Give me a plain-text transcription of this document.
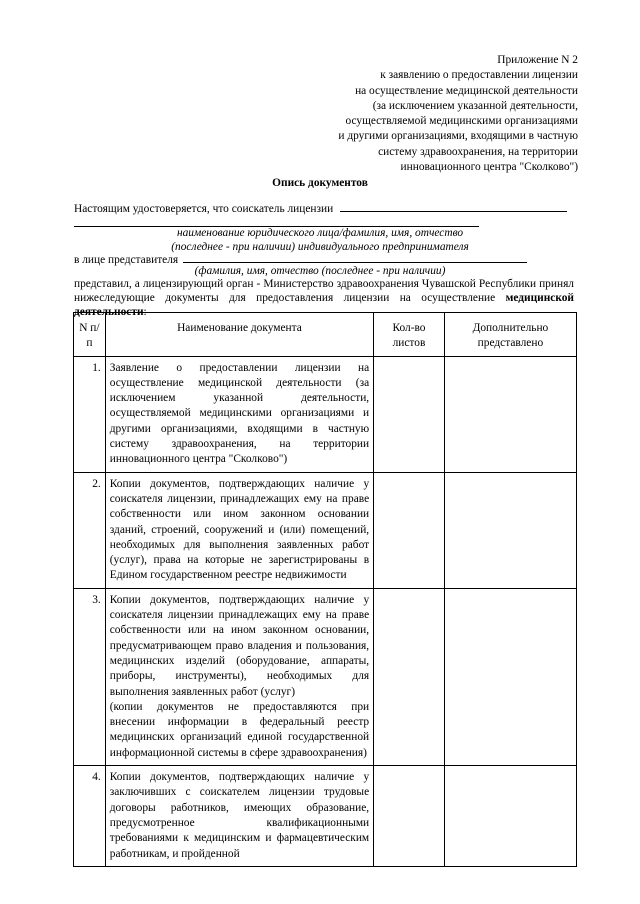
Приложение N 2
к заявлению о предоставлении лицензии
на осуществление медицинской деятельности
(за исключением указанной деятельности,
осуществляемой медицинскими организациями
и другими организациями, входящими в частную
систему здравоохранения, на территории
инновационного центра "Сколково")
Опись документов
Настоящим удостоверяется, что соискатель лицензии
наименование юридического лица/фамилия, имя, отчество
(последнее - при наличии) индивидуального предпринимателя
в лице представителя
(фамилия, имя, отчество (последнее - при наличии)
представил, а лицензирующий орган - Министерство здравоохранения Чувашской Республики принял нижеследующие документы для предоставления лицензии на осуществление медицинской деятельности:
N п/п	Наименование документа	Кол-во листов	Дополнительно представлено
1.	Заявление о предоставлении лицензии на осуществление медицинской деятельности (за исключением указанной деятельности, осуществляемой медицинскими организациями и другими организациями, входящими в частную систему здравоохранения, на территории инновационного центра "Сколково")		
2.	Копии документов, подтверждающих наличие у соискателя лицензии, принадлежащих ему на праве собственности или ином законном основании зданий, строений, сооружений и (или) помещений, необходимых для выполнения заявленных работ (услуг), права на которые не зарегистрированы в Едином государственном реестре недвижимости		
3.	Копии документов, подтверждающих наличие у соискателя лицензии принадлежащих ему на праве собственности или на ином законном основании, предусматривающем право владения и пользования, медицинских изделий (оборудование, аппараты, приборы, инструменты), необходимых для выполнения заявленных работ (услуг)
(копии документов не предоставляются при внесении информации в федеральный реестр медицинских организаций единой государственной информационной системы в сфере здравоохранения)		

4.	Копии документов, подтверждающих наличие у заключивших с соискателем лицензии трудовые договоры работников, имеющих образование, предусмотренное квалификационными требованиями к медицинским и фармацевтическим работникам, и пройденной		
